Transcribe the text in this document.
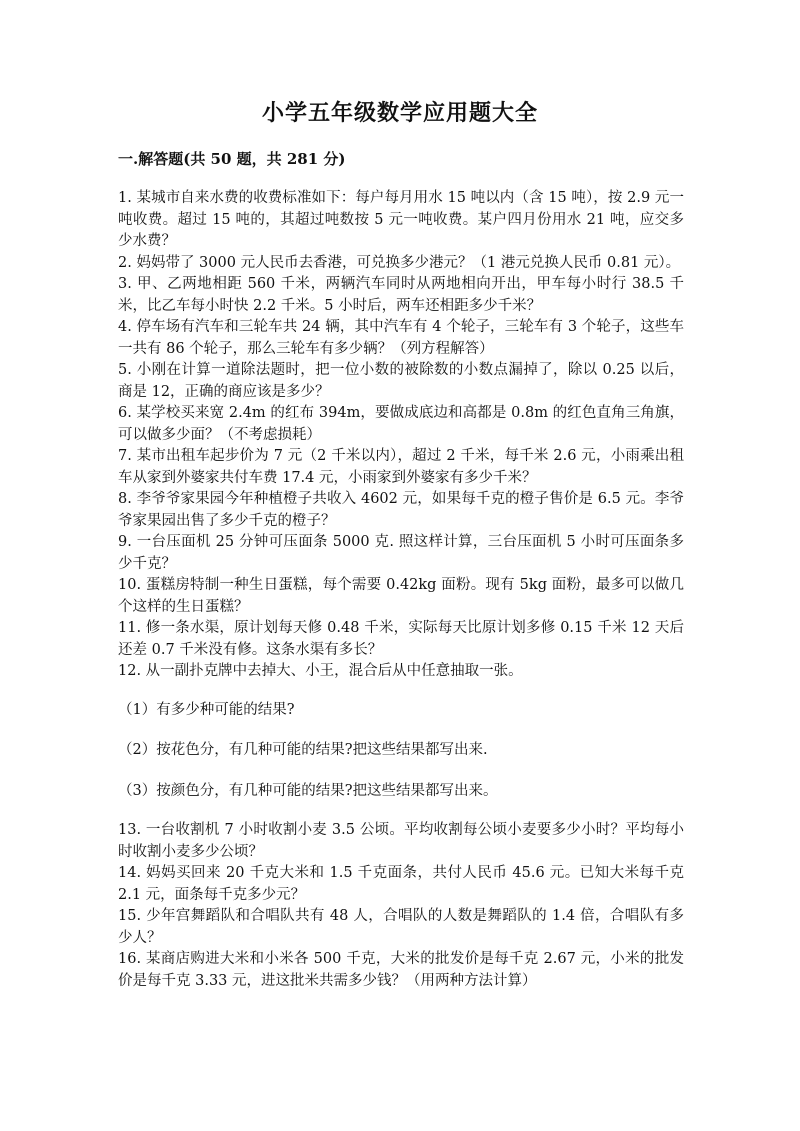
小学五年级数学应用题大全
一.解答题(共 50 题，共 281 分)

1. 某城市自来水费的收费标准如下：每户每月用水 15 吨以内（含 15 吨），按 2.9 元一吨收费。超过 15 吨的，其超过吨数按 5 元一吨收费。某户四月份用水 21 吨，应交多少水费？

2. 妈妈带了 3000 元人民币去香港，可兑换多少港元？（1 港元兑换人民币 0.81 元）。

3. 甲、乙两地相距 560 千米，两辆汽车同时从两地相向开出，甲车每小时行 38.5 千米，比乙车每小时快 2.2 千米。5 小时后，两车还相距多少千米？

4. 停车场有汽车和三轮车共 24 辆，其中汽车有 4 个轮子，三轮车有 3 个轮子，这些车一共有 86 个轮子，那么三轮车有多少辆？（列方程解答）

5. 小刚在计算一道除法题时，把一位小数的被除数的小数点漏掉了，除以 0.25 以后，商是 12，正确的商应该是多少？

6. 某学校买来宽 2.4m 的红布 394m，要做成底边和高都是 0.8m 的红色直角三角旗，可以做多少面？（不考虑损耗）

7. 某市出租车起步价为 7 元（2 千米以内），超过 2 千米，每千米 2.6 元，小雨乘出租车从家到外婆家共付车费 17.4 元，小雨家到外婆家有多少千米？

8. 李爷爷家果园今年种植橙子共收入 4602 元，如果每千克的橙子售价是 6.5 元。李爷爷家果园出售了多少千克的橙子？

9. 一台压面机 25 分钟可压面条 5000 克. 照这样计算，三台压面机 5 小时可压面条多少千克？

10. 蛋糕房特制一种生日蛋糕，每个需要 0.42kg 面粉。现有 5kg 面粉，最多可以做几个这样的生日蛋糕？

11. 修一条水渠，原计划每天修 0.48 千米，实际每天比原计划多修 0.15 千米 12 天后还差 0.7 千米没有修。这条水渠有多长？

12. 从一副扑克牌中去掉大、小王，混合后从中任意抽取一张。

（1）有多少种可能的结果?

（2）按花色分，有几种可能的结果?把这些结果都写出来.

（3）按颜色分，有几种可能的结果?把这些结果都写出来。

13. 一台收割机 7 小时收割小麦 3.5 公顷。平均收割每公顷小麦要多少小时？平均每小时收割小麦多少公顷？

14. 妈妈买回来 20 千克大米和 1.5 千克面条，共付人民币 45.6 元。已知大米每千克 2.1 元，面条每千克多少元？

15. 少年宫舞蹈队和合唱队共有 48 人，合唱队的人数是舞蹈队的 1.4 倍，合唱队有多少人？

16. 某商店购进大米和小米各 500 千克，大米的批发价是每千克 2.67 元，小米的批发价是每千克 3.33 元，进这批米共需多少钱？（用两种方法计算）
